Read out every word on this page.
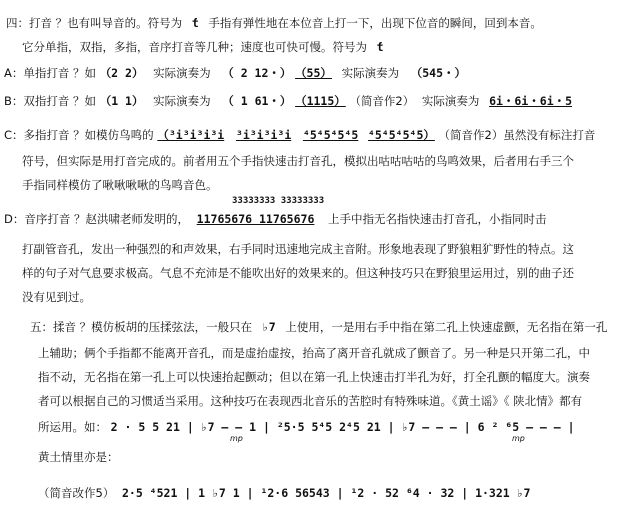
四：打音 ？也有叫导音的。符号为 ƭ 手指有弹性地在本位音上打一下，出现下位音的瞬间，回到本音。
它分单指，双指，多指，音序打音等几种；速度也可快可慢。符号为 ƭ
A：单指打音 ？如 （2 2） 实际演奏为 （ 2 12・） （55） 实际演奏为 （545・）
B：双指打音 ？如 （1 1） 实际演奏为 （ 1 61・） （1115） （简音作2） 实际演奏为 6i・6i・6i・5
C：多指打音 ？如模仿鸟鸣的 （³i³i³i³i ³i³i³i³i ⁴5⁴5⁴5⁴5 ⁴5⁴5⁴5⁴5） （简音作2）虽然没有标注打音
符号，但实际是用打音完成的。前者用五个手指快速击打音孔，模拟出咕咕咕咕的鸟鸣效果，后者用右手三个
手指同样模仿了啾啾啾啾的鸟鸣音色。
33333333 33333333
D：音序打音 ？赵洪啸老师发明的， 11765676 11765676 上手中指无名指快速击打音孔，小指同时击
打副管音孔，发出一种强烈的和声效果，右手同时迅速地完成主音附。形象地表现了野狼粗犷野性的特点。这
样的句子对气息要求极高。气息不充沛是不能吹出好的效果来的。但这种技巧只在野狼里运用过，别的曲子还
没有见到过。
五：揉音 ？模仿板胡的压揉弦法，一般只在 ♭7 上使用，一是用右手中指在第二孔上快速虚颤，无名指在第一孔
上辅助；俩个手指都不能离开音孔，而是虚抬虚按，抬高了离开音孔就成了颤音了。另一种是只开第二孔，中
指不动，无名指在第一孔上可以快速抬起颤动；但以在第一孔上快速击打半孔为好，打全孔颤的幅度大。演奏
者可以根据自己的习惯适当采用。这种技巧在表现西北音乐的苦腔时有特殊味道。《黄土谣》《 陕北情》都有
所运用。如： 2 · 5 5 21 | ♭7 – – 1 | ²5·5 5⁴5 2⁴5 21 | ♭7 – – – | 6 ² ⁶5 – – – |
mp	mp
黄土情里亦是：
（简音改作5） 2·5 ⁴521 | 1 ♭7 1 | ¹2·6 56543 | ¹2 · 52 ⁶4 · 32 | 1·321 ♭7
